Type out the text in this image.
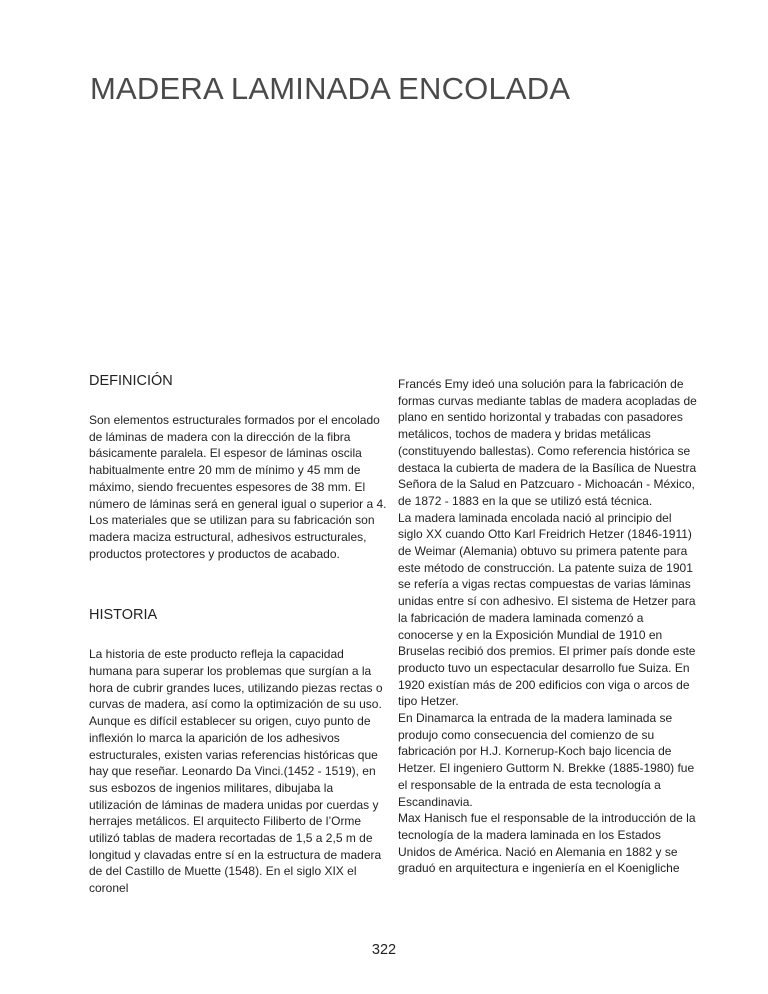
MADERA LAMINADA ENCOLADA
DEFINICIÓN

Son elementos estructurales formados por el encolado de láminas de madera con la dirección de la fibra básicamente paralela. El espesor de láminas oscila habitualmente entre 20 mm de mínimo y 45 mm de máximo, siendo frecuentes espesores de 38 mm. El número de láminas será en general igual o superior a 4.
Los materiales que se utilizan para su fabricación son madera maciza estructural, adhesivos estructurales, productos protectores y productos de acabado.

HISTORIA

La historia de este producto refleja la capacidad humana para superar los problemas que surgían a la hora de cubrir grandes luces, utilizando piezas rectas o curvas de madera, así como la optimización de su uso. Aunque es difícil establecer su origen, cuyo punto de inflexión lo marca la aparición de los adhesivos estructurales, existen varias referencias históricas que hay que reseñar. Leonardo Da Vinci.(1452 - 1519), en sus esbozos de ingenios militares, dibujaba la utilización de láminas de madera unidas por cuerdas y herrajes metálicos. El arquitecto Filiberto de l’Orme utilizó tablas de madera recortadas de 1,5 a 2,5 m de longitud y clavadas entre sí en la estructura de madera de del Castillo de Muette (1548). En el siglo XIX el coronel

Francés Emy ideó una solución para la fabricación de formas curvas mediante tablas de madera acopladas de plano en sentido horizontal y trabadas con pasadores metálicos, tochos de madera y bridas metálicas (constituyendo ballestas). Como referencia histórica se destaca la cubierta de madera de la Basílica de Nuestra Señora de la Salud en Patzcuaro - Michoacán - México, de 1872 - 1883 en la que se utilizó está técnica.
La madera laminada encolada nació al principio del siglo XX cuando Otto Karl Freidrich Hetzer (1846-1911) de Weimar (Alemania) obtuvo su primera patente para este método de construcción. La patente suiza de 1901 se refería a vigas rectas compuestas de varias láminas unidas entre sí con adhesivo. El sistema de Hetzer para la fabricación de madera laminada comenzó a conocerse y en la Exposición Mundial de 1910 en Bruselas recibió dos premios. El primer país donde este producto tuvo un espectacular desarrollo fue Suiza. En 1920 existían más de 200 edificios con viga o arcos de tipo Hetzer.
En Dinamarca la entrada de la madera laminada se produjo como consecuencia del comienzo de su fabricación por H.J. Kornerup-Koch bajo licencia de Hetzer. El ingeniero Guttorm N. Brekke (1885-1980) fue el responsable de la entrada de esta tecnología a Escandinavia.
Max Hanisch fue el responsable de la introducción de la tecnología de la madera laminada en los Estados Unidos de América. Nació en Alemania en 1882 y se graduó en arquitectura e ingeniería en el Koenigliche

322
